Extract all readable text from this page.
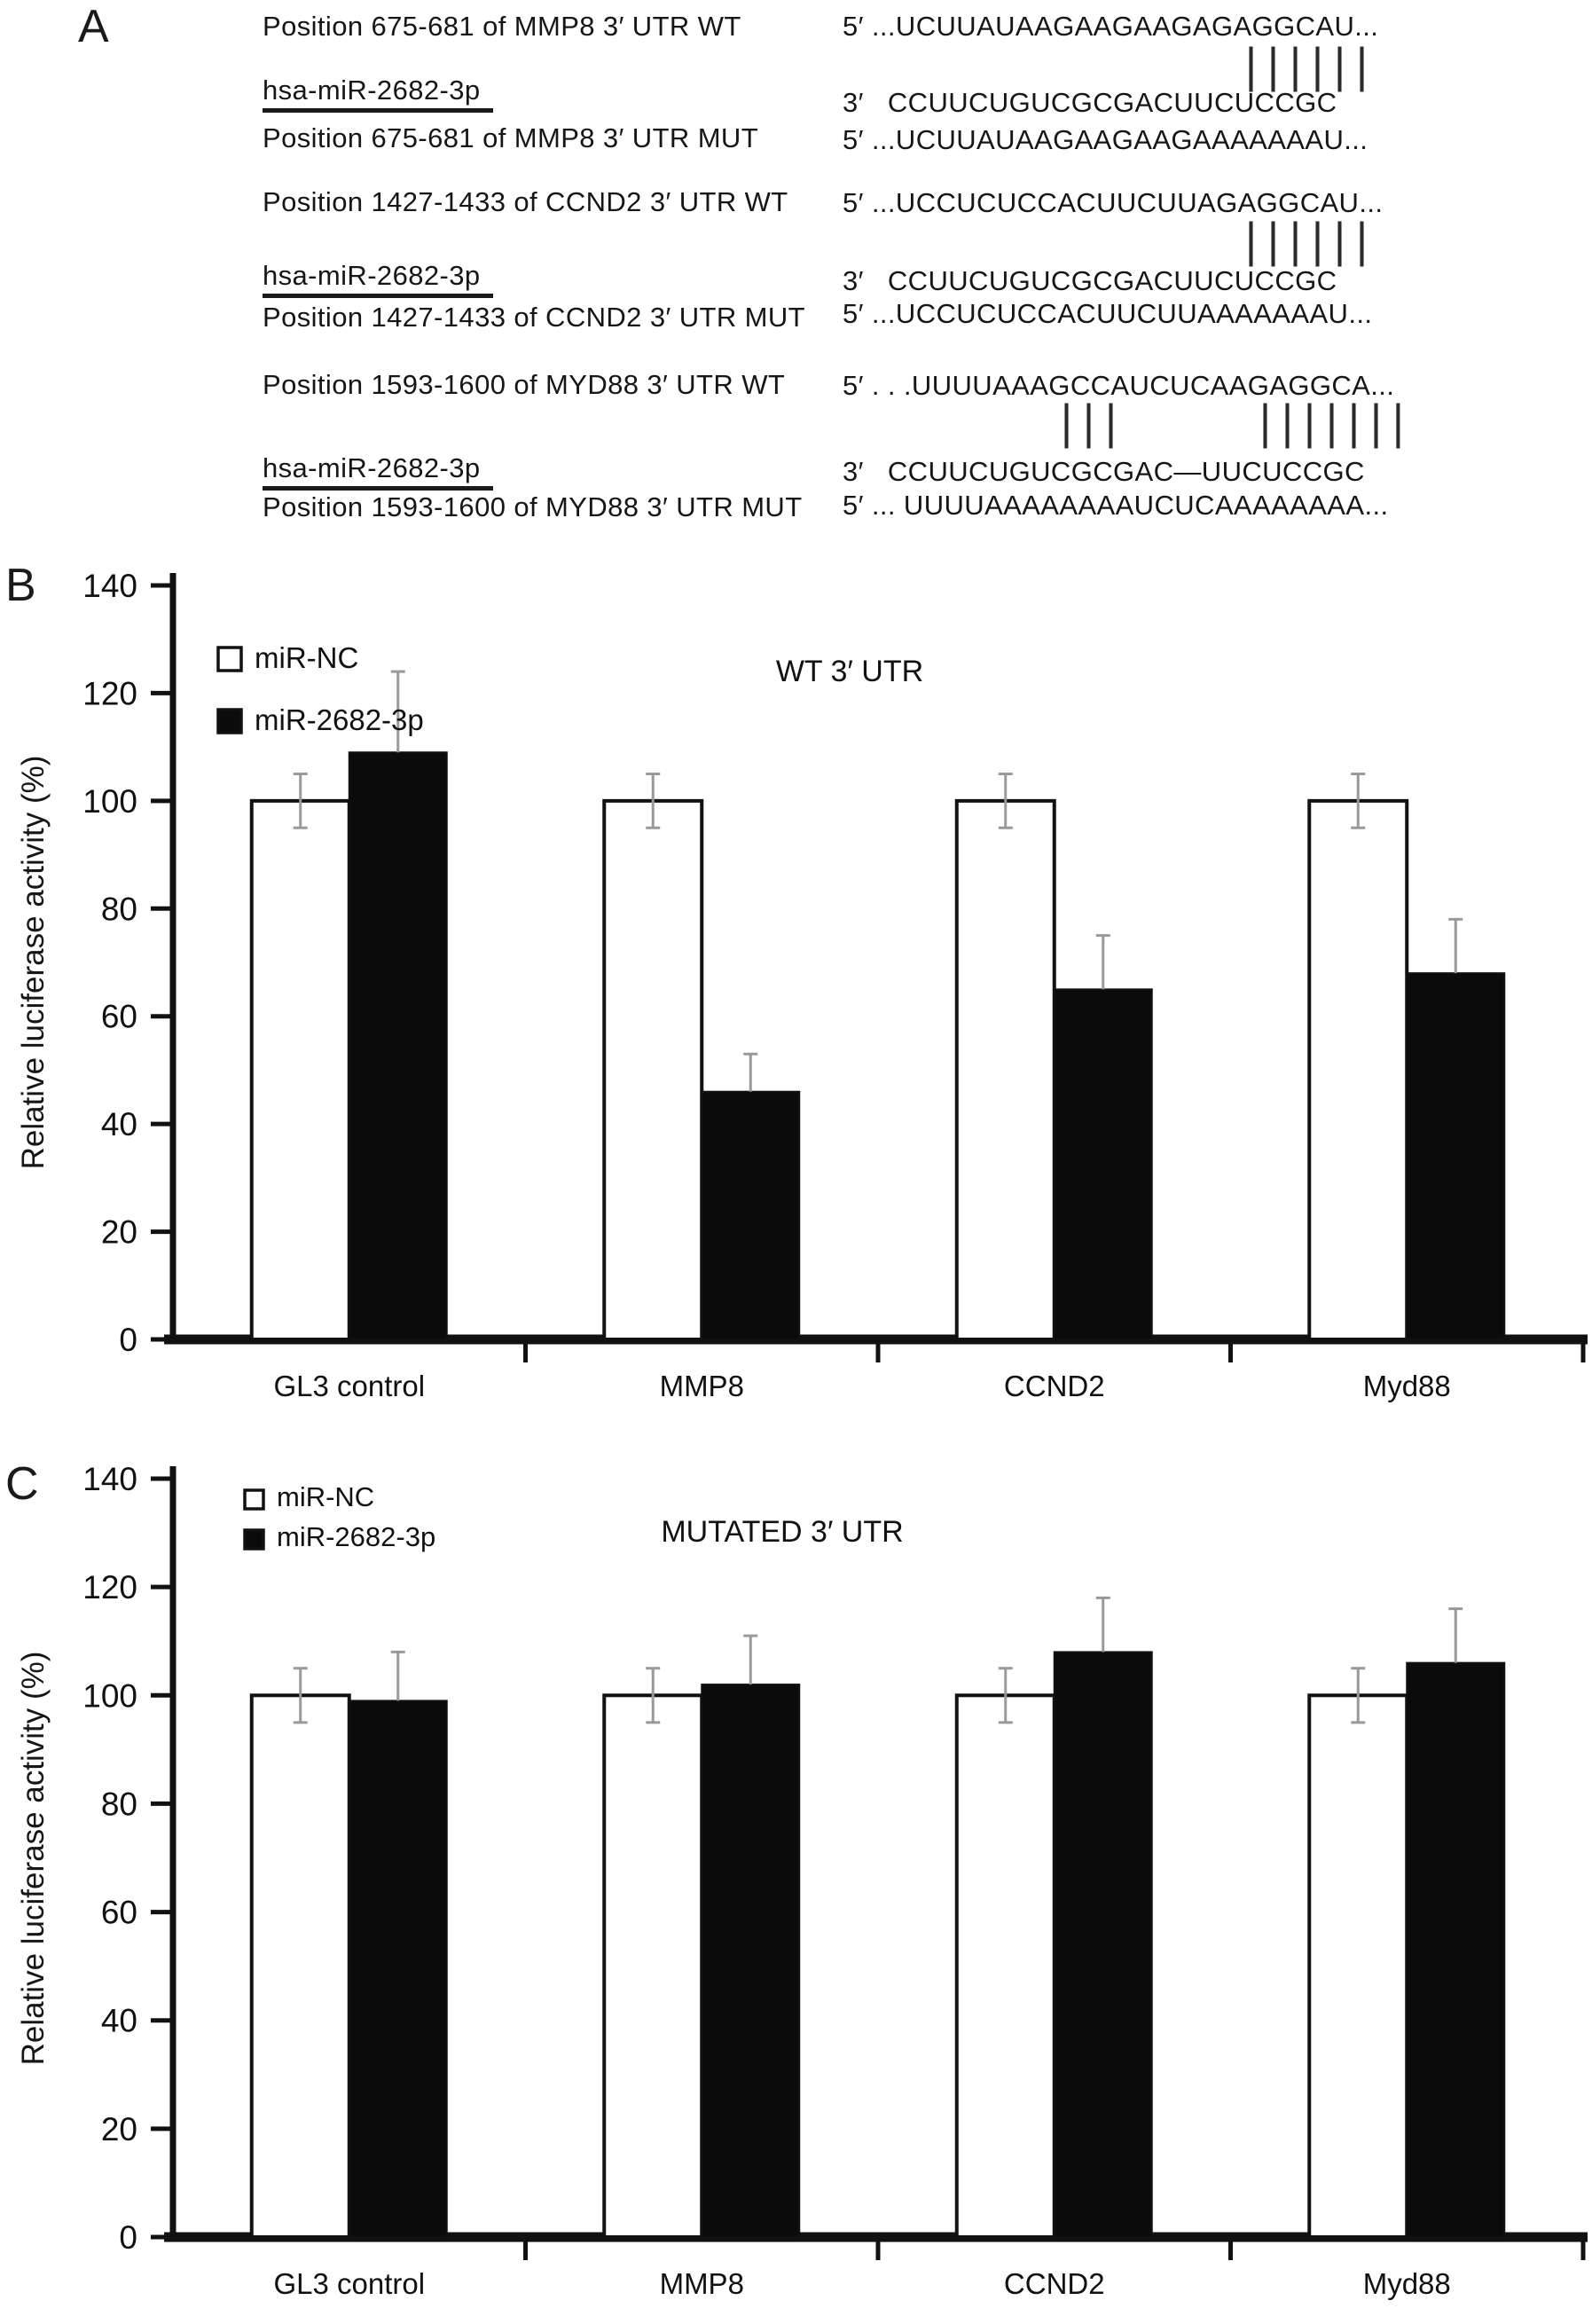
A	Position 675-681 of MMP8 3′ UTR WT	5′ ...UCUUAUAAGAAGAAGAGAGGCAU...
||||||
hsa-miR-2682-3p	3′   CCUUCUGUCGCGACUUCUCCGC
Position 675-681 of MMP8 3′ UTR MUT	5′ ...UCUUAUAAGAAGAAGAAAAAAAU...
Position 1427-1433 of CCND2 3′ UTR WT 5′ ...UCCUCUCCACUUCUUAGAGGCAU...
||||||
hsa-miR-2682-3p	3′   CCUUCUGUCGCGACUUCUCCGC
Position 1427-1433 of CCND2 3′ UTR MUT 5′ ...UCCUCUCCACUUCUUAAAAAAAU...
Position 1593-1600 of MYD88 3′ UTR WT 5′ . . .UUUUAAAGCCAUCUCAAGAGGCA...
|||	|||||||
hsa-miR-2682-3p	3′   CCUUCUGUCGCGAC—UUCUCCGC
Position 1593-1600 of MYD88 3′ UTR MUT 5′ ... UUUUAAAAAAAAUCUCAAAAAAAA...
B
Relative luciferase activity (%)
0
20
40
60
80
100
120
140
GL3 control	MMP8	CCND2	Myd88
WT 3′ UTR
miR-NC
miR-2682-3p
C
Relative luciferase activity (%)
0
20
40
60
80
100
120
140
GL3 control	MMP8	CCND2	Myd88
MUTATED 3′ UTR
miR-NC
miR-2682-3p
